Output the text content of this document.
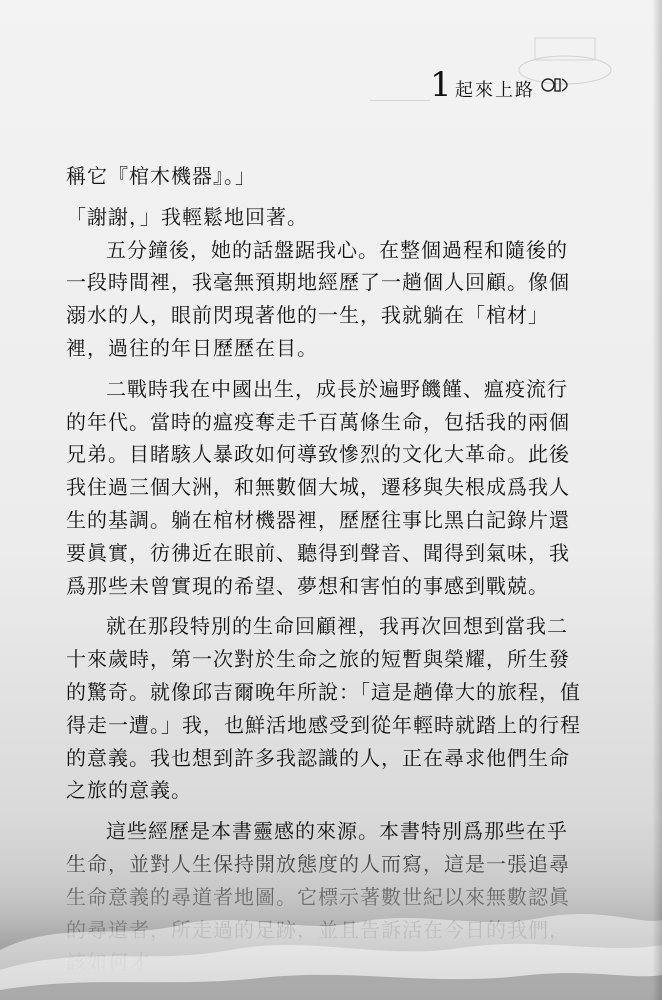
1 起來上路

稱它『棺木機器』。」

「謝謝，」我輕鬆地回著。

五分鐘後，她的話盤踞我心。在整個過程和隨後的一段時間裡，我毫無預期地經歷了一趟個人回顧。像個溺水的人，眼前閃現著他的一生，我就躺在「棺材」裡，過往的年日歷歷在目。

二戰時我在中國出生，成長於遍野饑饉、瘟疫流行的年代。當時的瘟疫奪走千百萬條生命，包括我的兩個兄弟。目睹駭人暴政如何導致慘烈的文化大革命。此後我住過三個大洲，和無數個大城，遷移與失根成爲我人生的基調。躺在棺材機器裡，歷歷往事比黑白記錄片還要眞實，彷彿近在眼前、聽得到聲音、聞得到氣味，我爲那些未曾實現的希望、夢想和害怕的事感到戰兢。

就在那段特別的生命回顧裡，我再次回想到當我二十來歲時，第一次對於生命之旅的短暫與榮耀，所生發的驚奇。就像邱吉爾晚年所說：「這是趟偉大的旅程，值得走一遭。」我，也鮮活地感受到從年輕時就踏上的行程的意義。我也想到許多我認識的人，正在尋求他們生命之旅的意義。
